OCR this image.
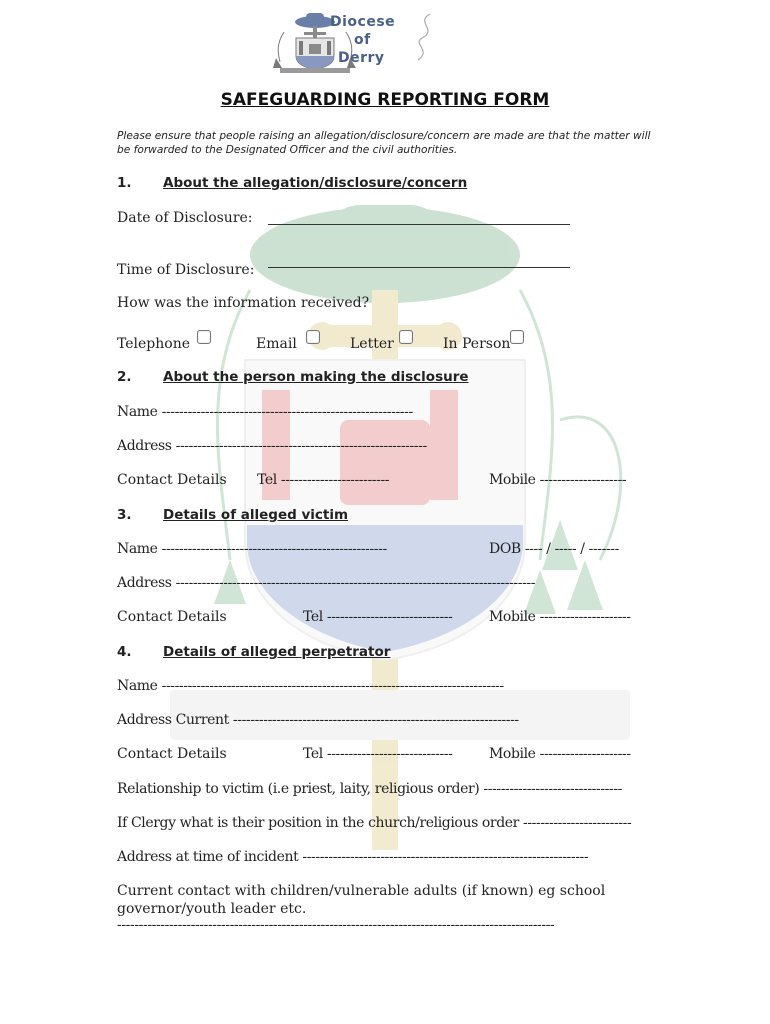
Diocese
of
Derry
SAFEGUARDING REPORTING FORM
Please ensure that people raising an allegation/disclosure/concern are made are that the matter will be forwarded to the Designated Officer and the civil authorities.
1. About the allegation/disclosure/concern
Date of Disclosure:
Time of Disclosure:
How was the information received?
Telephone	Email	Letter	In Person
2. About the person making the disclosure
Name ----------------------------------------------------------
Address ----------------------------------------------------------
Contact Details Tel -------------------------	Mobile --------------------
3. Details of alleged victim
Name ----------------------------------------------------	DOB ---- / ----- / -------
Address -----------------------------------------------------------------------------------
Contact Details	Tel -----------------------------	Mobile ---------------------
4. Details of alleged perpetrator
Name -------------------------------------------------------------------------------
Address Current ------------------------------------------------------------------
Contact Details	Tel -----------------------------	Mobile ---------------------
Relationship to victim (i.e priest, laity, religious order) --------------------------------
If Clergy what is their position in the church/religious order -------------------------
Address at time of incident ------------------------------------------------------------------
Current contact with children/vulnerable adults (if known) eg school
governor/youth leader etc.
-----------------------------------------------------------------------------------------------------
